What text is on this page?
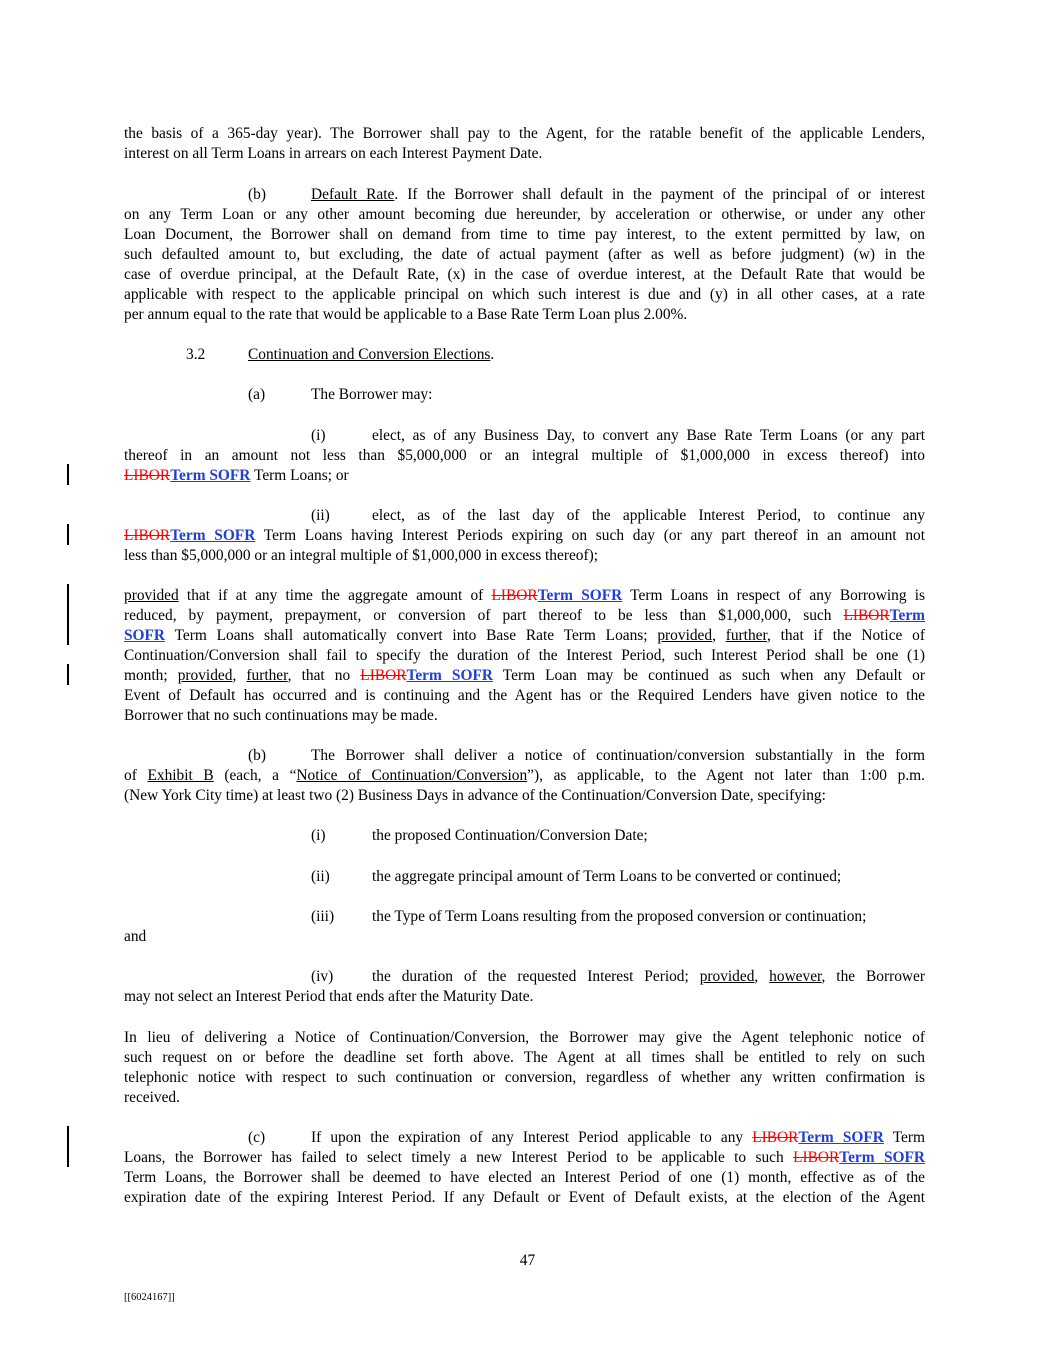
the basis of a 365-day year). The Borrower shall pay to the Agent, for the ratable benefit of the applicable Lenders,
interest on all Term Loans in arrears on each Interest Payment Date.
(b)	Default Rate. If the Borrower shall default in the payment of the principal of or interest
on any Term Loan or any other amount becoming due hereunder, by acceleration or otherwise, or under any other
Loan Document, the Borrower shall on demand from time to time pay interest, to the extent permitted by law, on
such defaulted amount to, but excluding, the date of actual payment (after as well as before judgment) (w) in the
case of overdue principal, at the Default Rate, (x) in the case of overdue interest, at the Default Rate that would be
applicable with respect to the applicable principal on which such interest is due and (y) in all other cases, at a rate
per annum equal to the rate that would be applicable to a Base Rate Term Loan plus 2.00%.
3.2	Continuation and Conversion Elections.
(a)	The Borrower may:
(i)	elect, as of any Business Day, to convert any Base Rate Term Loans (or any part
thereof in an amount not less than $5,000,000 or an integral multiple of $1,000,000 in excess thereof) into
LIBORTerm SOFR Term Loans; or
(ii)	elect, as of the last day of the applicable Interest Period, to continue any
LIBORTerm SOFR Term Loans having Interest Periods expiring on such day (or any part thereof in an amount not
less than $5,000,000 or an integral multiple of $1,000,000 in excess thereof);
provided that if at any time the aggregate amount of LIBORTerm SOFR Term Loans in respect of any Borrowing is
reduced, by payment, prepayment, or conversion of part thereof to be less than $1,000,000, such LIBORTerm
SOFR Term Loans shall automatically convert into Base Rate Term Loans; provided, further, that if the Notice of
Continuation/Conversion shall fail to specify the duration of the Interest Period, such Interest Period shall be one (1)
month; provided, further, that no LIBORTerm SOFR Term Loan may be continued as such when any Default or
Event of Default has occurred and is continuing and the Agent has or the Required Lenders have given notice to the
Borrower that no such continuations may be made.
(b)	The Borrower shall deliver a notice of continuation/conversion substantially in the form
of Exhibit B (each, a “Notice of Continuation/Conversion”), as applicable, to the Agent not later than 1:00 p.m.
(New York City time) at least two (2) Business Days in advance of the Continuation/Conversion Date, specifying:
(i)	the proposed Continuation/Conversion Date;
(ii)	the aggregate principal amount of Term Loans to be converted or continued;
(iii) the Type of Term Loans resulting from the proposed conversion or continuation;
and
(iv)	the duration of the requested Interest Period; provided, however, the Borrower
may not select an Interest Period that ends after the Maturity Date.
In lieu of delivering a Notice of Continuation/Conversion, the Borrower may give the Agent telephonic notice of
such request on or before the deadline set forth above. The Agent at all times shall be entitled to rely on such
telephonic notice with respect to such continuation or conversion, regardless of whether any written confirmation is
received.
(c)	If upon the expiration of any Interest Period applicable to any LIBORTerm SOFR Term
Loans, the Borrower has failed to select timely a new Interest Period to be applicable to such LIBORTerm SOFR
Term Loans, the Borrower shall be deemed to have elected an Interest Period of one (1) month, effective as of the
expiration date of the expiring Interest Period. If any Default or Event of Default exists, at the election of the Agent
47
[[6024167]]
